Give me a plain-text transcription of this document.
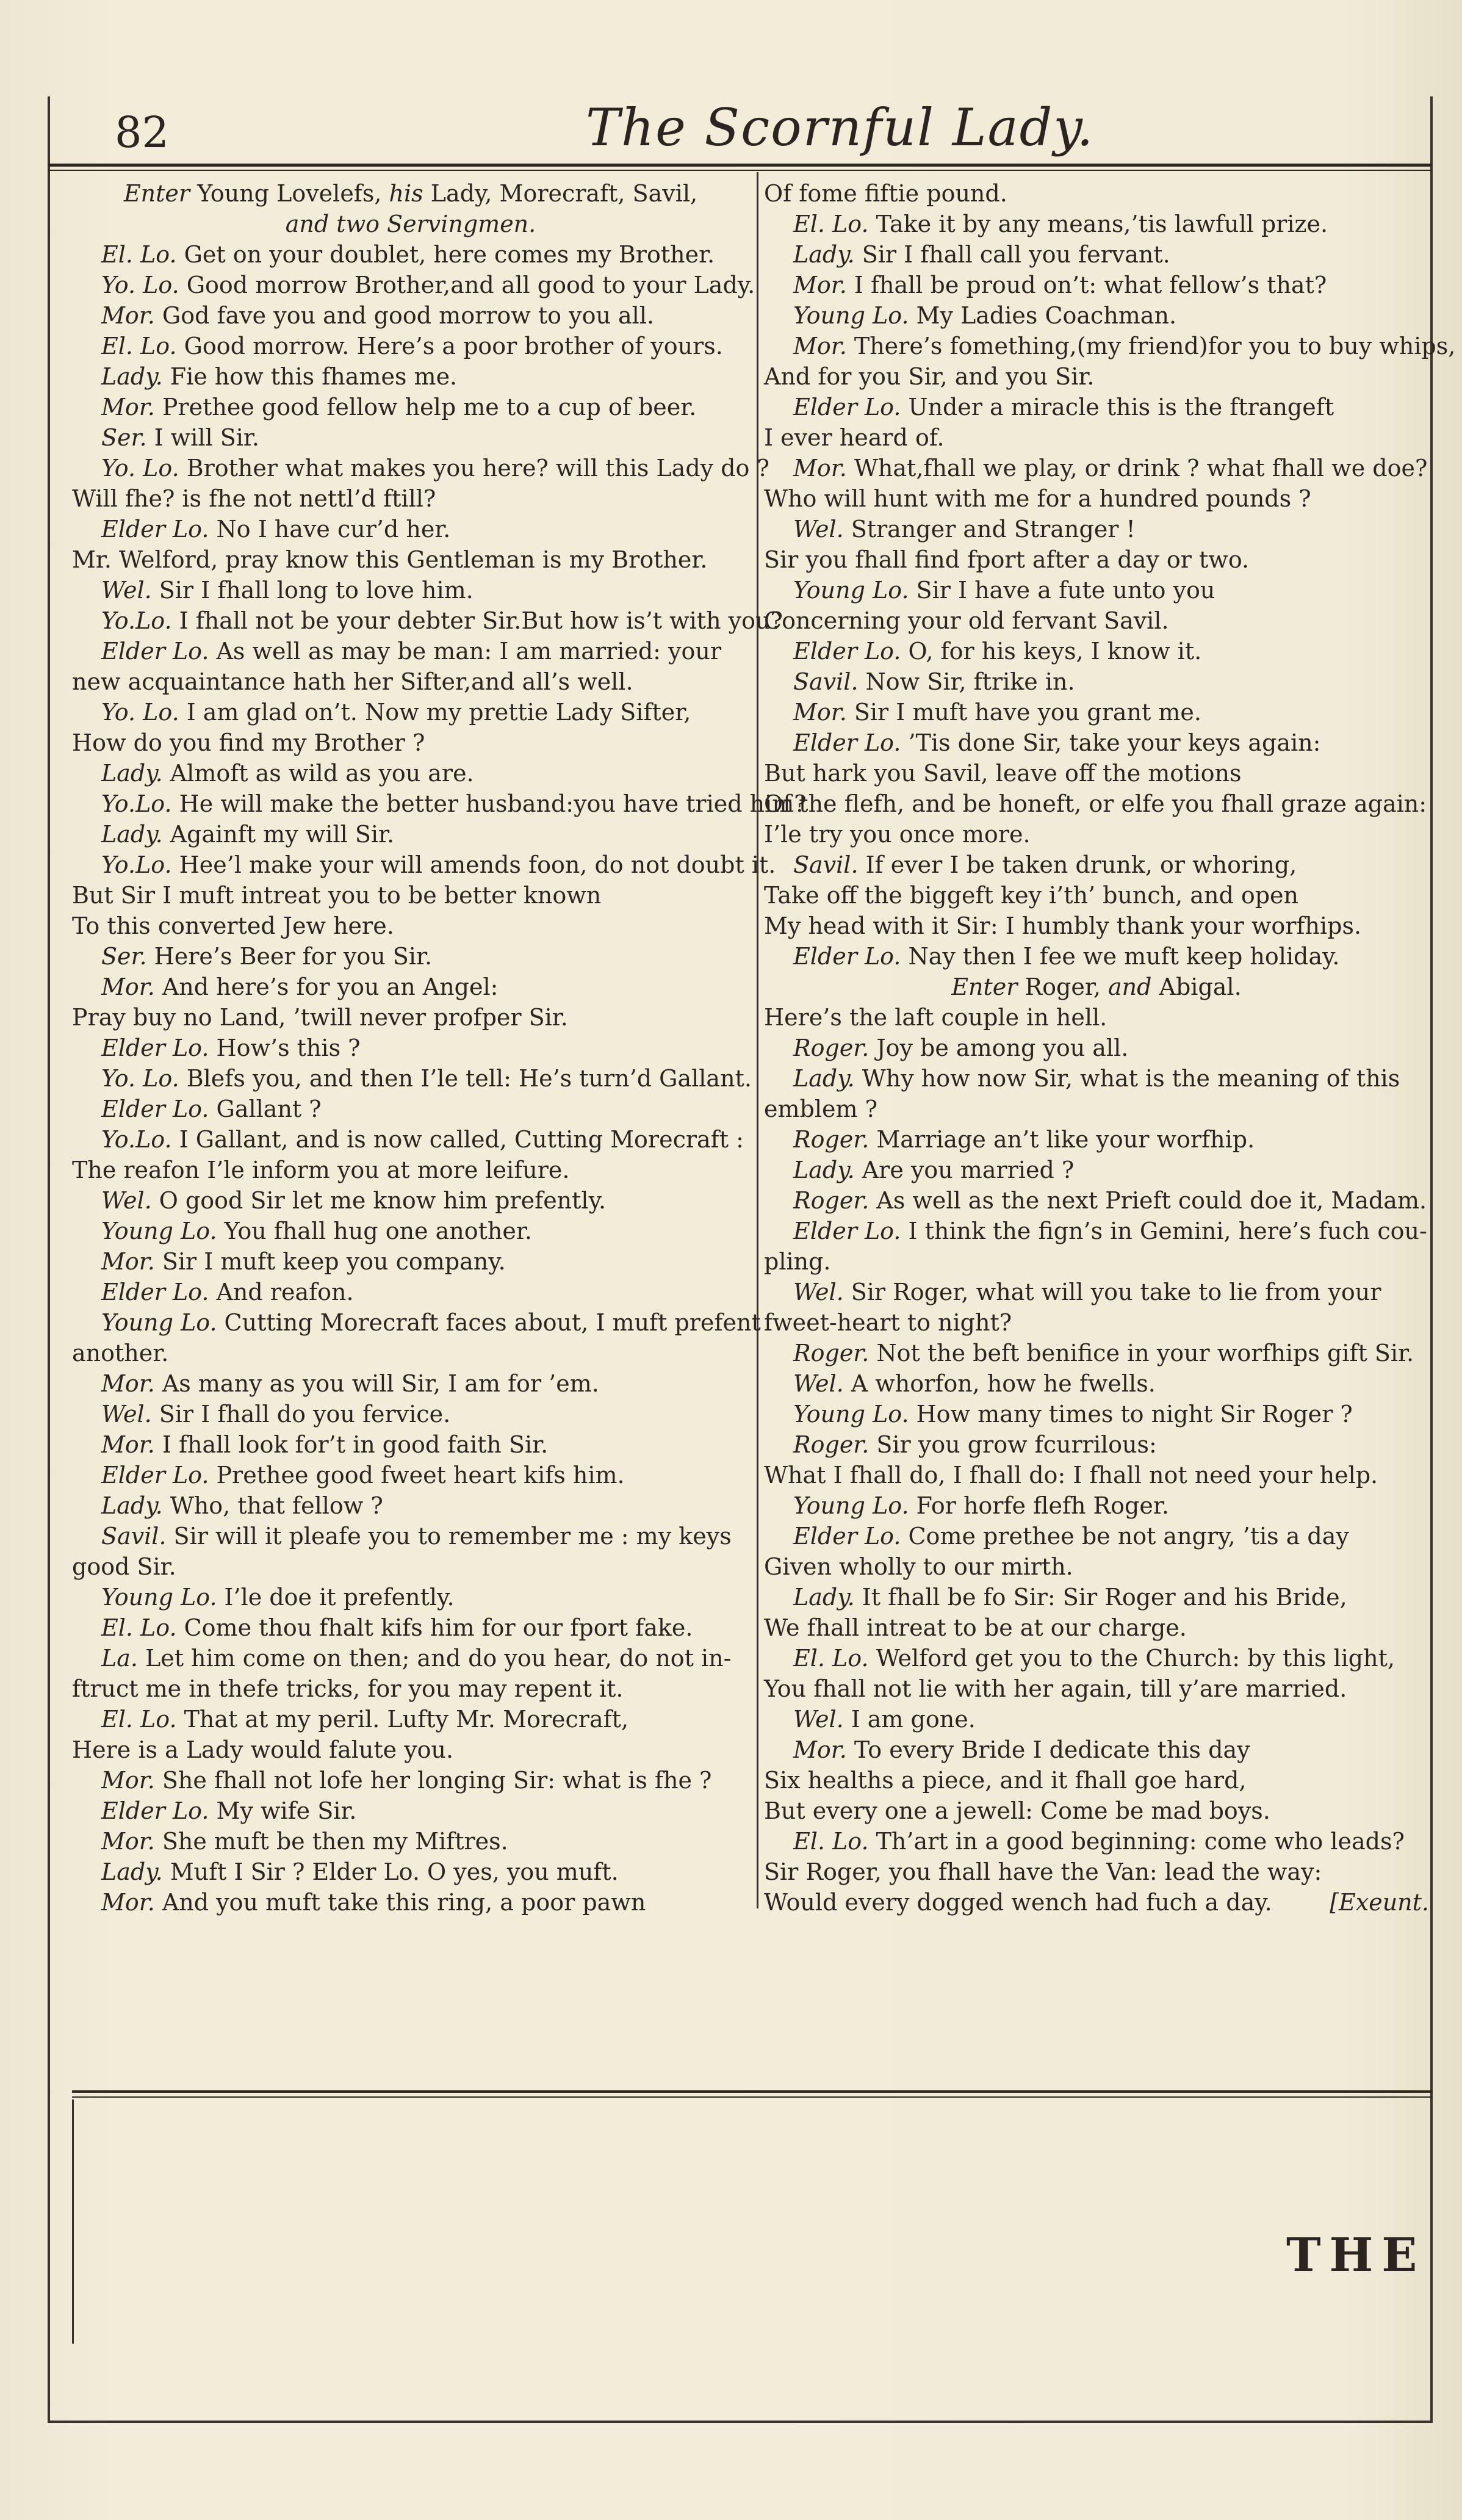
82	The Scornful Lady.
Enter Young Lovelefs, his Lady, Morecraft, Savil,
and two Servingmen.
El. Lo. Get on your doublet, here comes my Brother.
Yo. Lo. Good morrow Brother,and all good to your Lady.
Mor. God fave you and good morrow to you all.
El. Lo. Good morrow. Here’s a poor brother of yours.
Lady. Fie how this fhames me.
Mor. Prethee good fellow help me to a cup of beer.
Ser. I will Sir.
Yo. Lo. Brother what makes you here? will this Lady do ?
Will fhe? is fhe not nettl’d ftill?
Elder Lo. No I have cur’d her.
Mr. Welford, pray know this Gentleman is my Brother.
Wel. Sir I fhall long to love him.
Yo.Lo. I fhall not be your debter Sir.But how is’t with you?
Elder Lo. As well as may be man: I am married: your
new acquaintance hath her Sifter,and all’s well.
Yo. Lo. I am glad on’t. Now my prettie Lady Sifter,
How do you find my Brother ?
Lady. Almoft as wild as you are.
Yo.Lo. He will make the better husband:you have tried him?
Lady. Againft my will Sir.
Yo.Lo. Hee’l make your will amends foon, do not doubt it.
But Sir I muft intreat you to be better known
To this converted Jew here.
Ser. Here’s Beer for you Sir.
Mor. And here’s for you an Angel:
Pray buy no Land, ’twill never profper Sir.
Elder Lo. How’s this ?
Yo. Lo. Blefs you, and then I’le tell: He’s turn’d Gallant.
Elder Lo. Gallant ?
Yo.Lo. I Gallant, and is now called, Cutting Morecraft :
The reafon I’le inform you at more leifure.
Wel. O good Sir let me know him prefently.
Young Lo. You fhall hug one another.
Mor. Sir I muft keep you company.
Elder Lo. And reafon.
Young Lo. Cutting Morecraft faces about, I muft prefent
another.
Mor. As many as you will Sir, I am for ’em.
Wel. Sir I fhall do you fervice.
Mor. I fhall look for’t in good faith Sir.
Elder Lo. Prethee good fweet heart kifs him.
Lady. Who, that fellow ?
Savil. Sir will it pleafe you to remember me : my keys
good Sir.
Young Lo. I’le doe it prefently.
El. Lo. Come thou fhalt kifs him for our fport fake.
La. Let him come on then; and do you hear, do not in-
ftruct me in thefe tricks, for you may repent it.
El. Lo. That at my peril. Lufty Mr. Morecraft,
Here is a Lady would falute you.
Mor. She fhall not lofe her longing Sir: what is fhe ?
Elder Lo. My wife Sir.
Mor. She muft be then my Miftres.
Lady. Muft I Sir ? Elder Lo. O yes, you muft.
Mor. And you muft take this ring, a poor pawn
Of fome fiftie pound.
El. Lo. Take it by any means,’tis lawfull prize.
Lady. Sir I fhall call you fervant.
Mor. I fhall be proud on’t: what fellow’s that?
Young Lo. My Ladies Coachman.
Mor. There’s fomething,(my friend)for you to buy whips,
And for you Sir, and you Sir.
Elder Lo. Under a miracle this is the ftrangeft
I ever heard of.
Mor. What,fhall we play, or drink ? what fhall we doe?
Who will hunt with me for a hundred pounds ?
Wel. Stranger and Stranger !
Sir you fhall find fport after a day or two.
Young Lo. Sir I have a fute unto you
Concerning your old fervant Savil.
Elder Lo. O, for his keys, I know it.
Savil. Now Sir, ftrike in.
Mor. Sir I muft have you grant me.
Elder Lo. ’Tis done Sir, take your keys again:
But hark you Savil, leave off the motions
Of the flefh, and be honeft, or elfe you fhall graze again:
I’le try you once more.
Savil. If ever I be taken drunk, or whoring,
Take off the biggeft key i’th’ bunch, and open
My head with it Sir: I humbly thank your worfhips.
Elder Lo. Nay then I fee we muft keep holiday.
Enter Roger, and Abigal.
Here’s the laft couple in hell.
Roger. Joy be among you all.
Lady. Why how now Sir, what is the meaning of this
emblem ?
Roger. Marriage an’t like your worfhip.
Lady. Are you married ?
Roger. As well as the next Prieft could doe it, Madam.
Elder Lo. I think the fign’s in Gemini, here’s fuch cou-
pling.
Wel. Sir Roger, what will you take to lie from your
fweet-heart to night?
Roger. Not the beft benifice in your worfhips gift Sir.
Wel. A whorfon, how he fwells.
Young Lo. How many times to night Sir Roger ?
Roger. Sir you grow fcurrilous:
What I fhall do, I fhall do: I fhall not need your help.
Young Lo. For horfe flefh Roger.
Elder Lo. Come prethee be not angry, ’tis a day
Given wholly to our mirth.
Lady. It fhall be fo Sir: Sir Roger and his Bride,
We fhall intreat to be at our charge.
El. Lo. Welford get you to the Church: by this light,
You fhall not lie with her again, till y’are married.
Wel. I am gone.
Mor. To every Bride I dedicate this day
Six healths a piece, and it fhall goe hard,
But every one a jewell: Come be mad boys.
El. Lo. Th’art in a good beginning: come who leads?
Sir Roger, you fhall have the Van: lead the way:
Would every dogged wench had fuch a day. [Exeunt.
THE
